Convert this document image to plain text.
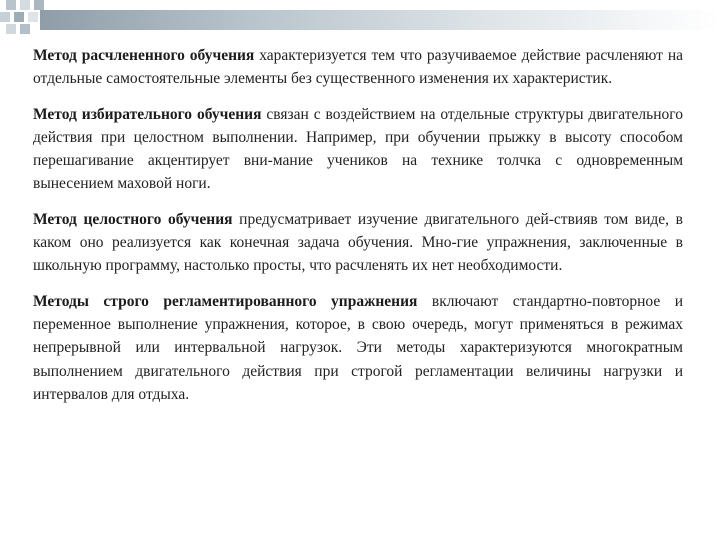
Метод расчлененного обучения характеризуется тем что разучиваемое действие расчленяют на отдельные самостоятельные элементы без существенного изменения их характеристик.

Метод избирательного обучения связан с воздействием на отдельные структуры двигательного действия при целостном выполнении. Например, при обучении прыжку в высоту способом перешагивание акцентирует вни-мание учеников на технике толчка с одновременным вынесением маховой ноги.

Метод целостного обучения предусматривает изучение двигательного дей-ствияв том виде, в каком оно реализуется как конечная задача обучения. Мно-гие упражнения, заключенные в школьную программу, настолько просты, что расчленять их нет необходимости.

Методы строго регламентированного упражнения включают стандартно-повторное и переменное выполнение упражнения, которое, в свою очередь, могут применяться в режимах непрерывной или интервальной нагрузок. Эти методы характеризуются многократным выполнением двигательного действия при строгой регламентации величины нагрузки и интервалов для отдыха.
